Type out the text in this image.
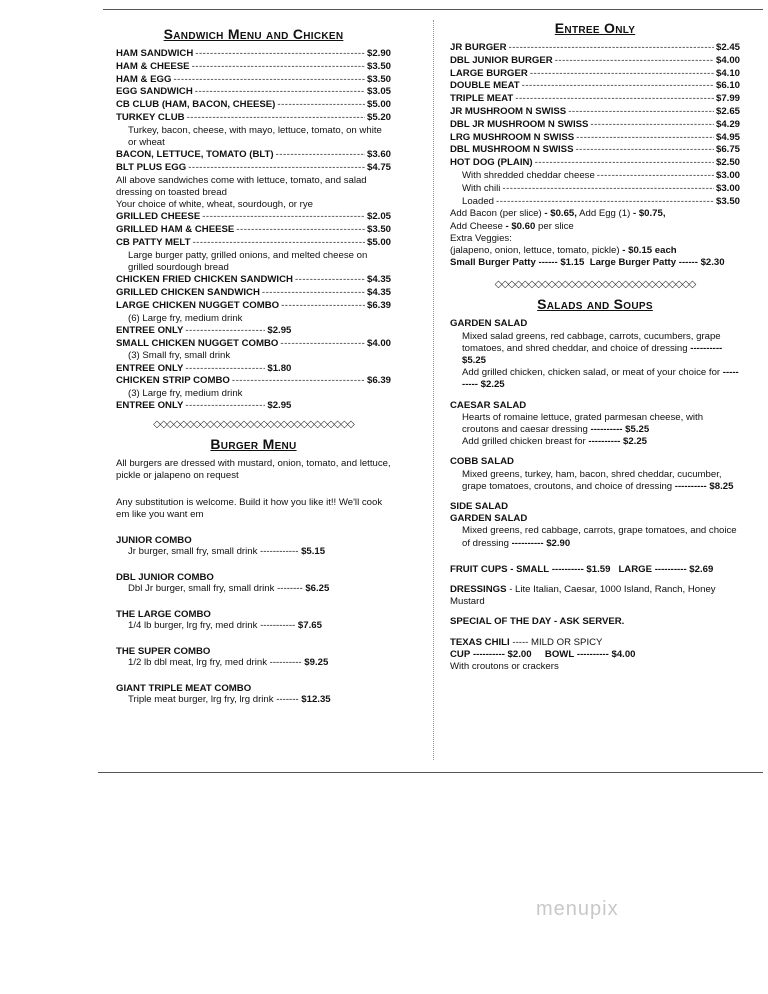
Sandwich Menu and Chicken
HAM SANDWICH -----	$2.90
HAM & CHEESE -----	$3.50
HAM & EGG -----	$3.50
EGG SANDWICH -----	$3.05
CB CLUB (HAM, BACON, CHEESE) -----	$5.00
TURKEY CLUB -----	$5.20
Turkey, bacon, cheese, with mayo, lettuce, tomato, on white or wheat
BACON, LETTUCE, TOMATO (BLT) -----	$3.60
BLT PLUS EGG -----	$4.75
All above sandwiches come with lettuce, tomato, and salad dressing on toasted bread
Your choice of white, wheat, sourdough, or rye
GRILLED CHEESE -----	$2.05
GRILLED HAM & CHEESE -----	$3.50
CB PATTY MELT -----	$5.00
Large burger patty, grilled onions, and melted cheese on grilled sourdough bread
CHICKEN FRIED CHICKEN SANDWICH -----	$4.35
GRILLED CHICKEN SANDWICH -----	$4.35
LARGE CHICKEN NUGGET COMBO -----	$6.39
(6) Large fry, medium drink
ENTREE ONLY -----	$2.95
SMALL CHICKEN NUGGET COMBO -----	$4.00
(3) Small fry, small drink
ENTREE ONLY -----	$1.80
CHICKEN STRIP COMBO -----	$6.39
(3) Large fry, medium drink
ENTREE ONLY -----	$2.95
◇◇◇◇◇◇◇◇◇◇◇◇◇◇◇◇◇◇◇◇◇◇◇◇◇◇◇◇◇◇
Burger Menu
All burgers are dressed with mustard, onion, tomato, and lettuce, pickle or jalapeno on request
Any substitution is welcome. Build it how you like it!! We'll cook em like you want em
JUNIOR COMBO
Jr burger, small fry, small drink ------------ $5.15
DBL JUNIOR COMBO
Dbl Jr burger, small fry, small drink -------- $6.25
THE LARGE COMBO
1/4 lb burger, lrg fry, med drink ----------- $7.65
THE SUPER COMBO
1/2 lb dbl meat, lrg fry, med drink ---------- $9.25
GIANT TRIPLE MEAT COMBO
Triple meat burger, lrg fry, lrg drink ------- $12.35
Entree Only
JR BURGER -----	$2.45
DBL JUNIOR BURGER -----	$4.00
LARGE BURGER -----	$4.10
DOUBLE MEAT -----	$6.10
TRIPLE MEAT -----	$7.99
JR MUSHROOM N SWISS -----	$2.65
DBL JR MUSHROOM N SWISS -----	$4.29
LRG MUSHROOM N SWISS -----	$4.95
DBL MUSHROOM N SWISS -----	$6.75
HOT DOG (PLAIN) -----	$2.50
With shredded cheddar cheese -----	$3.00
With chili -----	$3.00
Loaded -----	$3.50
Add Bacon (per slice) - $0.65, Add Egg (1) - $0.75,
Add Cheese - $0.60 per slice
Extra Veggies:
(jalapeno, onion, lettuce, tomato, pickle) - $0.15 each
Small Burger Patty ------ $1.15 Large Burger Patty ------ $2.30
◇◇◇◇◇◇◇◇◇◇◇◇◇◇◇◇◇◇◇◇◇◇◇◇◇◇◇◇◇◇
Salads and Soups
GARDEN SALAD
Mixed salad greens, red cabbage, carrots, cucumbers, grape tomatoes, and shred cheddar, and choice of dressing ---------- $5.25
Add grilled chicken, chicken salad, or meat of your choice for ---------- $2.25
CAESAR SALAD
Hearts of romaine lettuce, grated parmesan cheese, with croutons and caesar dressing ---------- $5.25
Add grilled chicken breast for ---------- $2.25
COBB SALAD
Mixed greens, turkey, ham, bacon, shred cheddar, cucumber, grape tomatoes, croutons, and choice of dressing ---------- $8.25
SIDE SALAD
GARDEN SALAD
Mixed greens, red cabbage, carrots, grape tomatoes, and choice of dressing ---------- $2.90
FRUIT CUPS - SMALL ---------- $1.59 LARGE ---------- $2.69
DRESSINGS - Lite Italian, Caesar, 1000 Island, Ranch, Honey Mustard
SPECIAL OF THE DAY - ASK SERVER.
TEXAS CHILI ----- MILD OR SPICY
CUP ---------- $2.00 BOWL ---------- $4.00
With croutons or crackers
menupix
